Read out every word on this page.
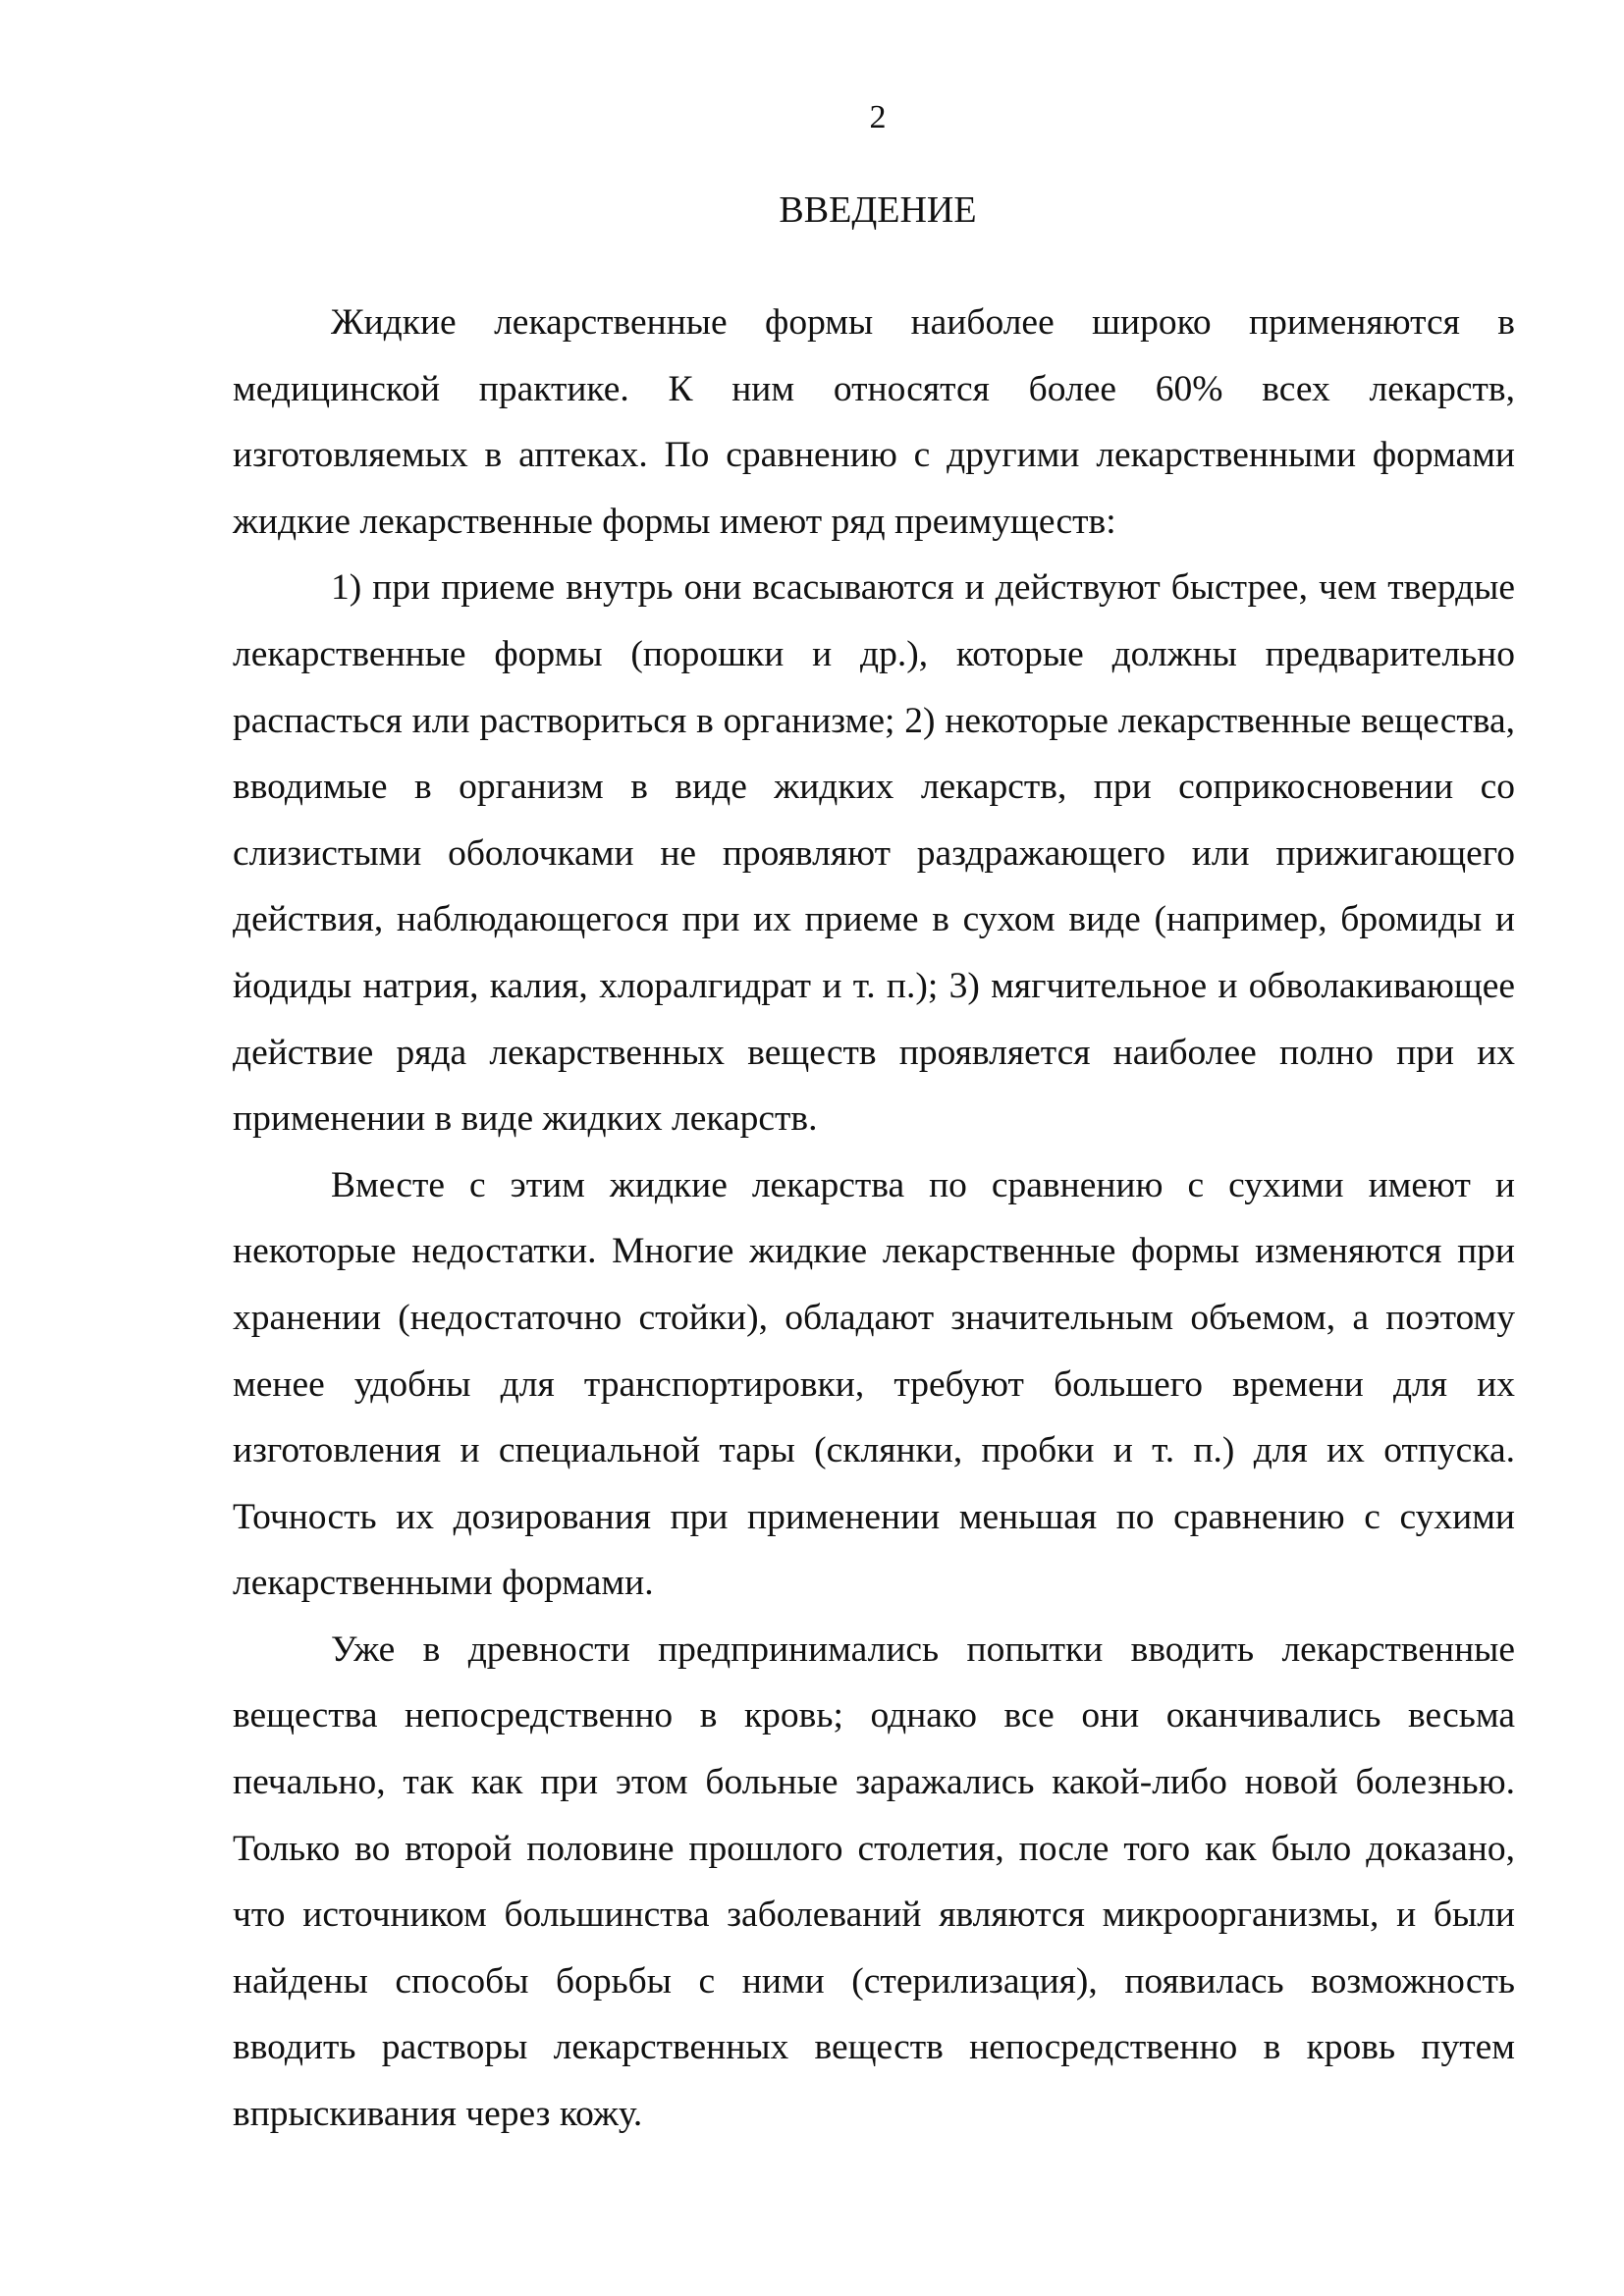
2
ВВЕДЕНИЕ

Жидкие лекарственные формы наиболее широко применяются в медицинской практике. К ним относятся более 60% всех лекарств, изготовляемых в аптеках. По сравнению с другими лекарственными формами жидкие лекарственные формы имеют ряд преимуществ:

1) при приеме внутрь они всасываются и действуют быстрее, чем твердые лекарственные формы (порошки и др.), которые должны предварительно распасться или раствориться в организме; 2) некоторые лекарственные вещества, вводимые в организм в виде жидких лекарств, при соприкосновении со слизистыми оболочками не проявляют раздражающего или прижигающего действия, наблюдающегося при их приеме в сухом виде (например, бромиды и йодиды натрия, калия, хлоралгидрат и т. п.); 3) мягчительное и обволакивающее действие ряда лекарственных веществ проявляется наиболее полно при их применении в виде жидких лекарств.

Вместе с этим жидкие лекарства по сравнению с сухими имеют и некоторые недостатки. Многие жидкие лекарственные формы изменяются при хранении (недостаточно стойки), обладают значительным объемом, а поэтому менее удобны для транспортировки, требуют большего времени для их изготовления и специальной тары (склянки, пробки и т. п.) для их отпуска. Точность их дозирования при применении меньшая по сравнению с сухими лекарственными формами.

Уже в древности предпринимались попытки вводить лекарственные вещества непосредственно в кровь; однако все они оканчивались весьма печально, так как при этом больные заражались какой-либо новой болезнью. Только во второй половине прошлого столетия, после того как было доказано, что источником большинства заболеваний являются микроорганизмы, и были найдены способы борьбы с ними (стерилизация), появилась возможность вводить растворы лекарственных веществ непосредственно в кровь путем впрыскивания через кожу.
